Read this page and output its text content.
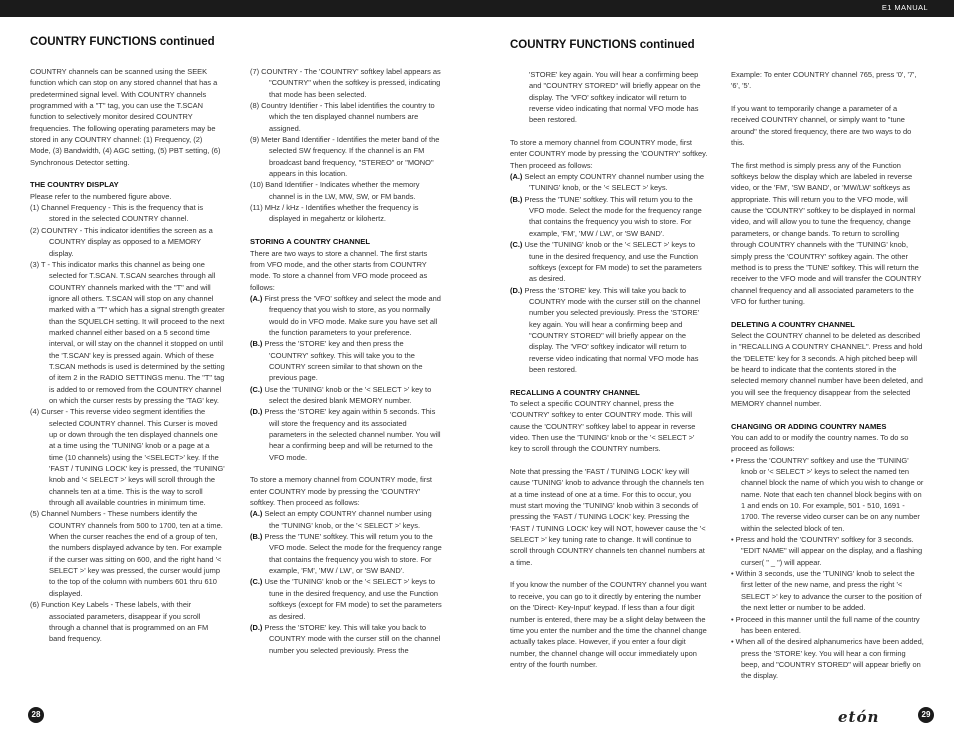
E1 MANUAL
COUNTRY FUNCTIONS continued

COUNTRY channels can be scanned using the SEEK function which can stop on any stored channel that has a predetermined signal level. With COUNTRY channels programmed with a "T" tag, you can use the T.SCAN function to selectively monitor desired COUNTRY frequencies. The following operating parameters may be stored in any COUNTRY channel: (1) Frequency, (2) Mode, (3) Bandwidth, (4) AGC setting, (5) PBT setting, (6) Synchronous Detector setting.

THE COUNTRY DISPLAY

Please refer to the numbered figure above.

(1) Channel Frequency - This is the frequency that is stored in the selected COUNTRY channel.

(2) COUNTRY - This indicator identifies the screen as a COUNTRY display as opposed to a MEMORY display.

(3) T - This indicator marks this channel as being one selected for T.SCAN. T.SCAN searches through all COUNTRY channels marked with the "T" and will ignore all others. T.SCAN will stop on any channel marked with a "T" which has a signal strength greater than the SQUELCH setting. It will proceed to the next marked channel either based on a 5 second time interval, or will stay on the channel it stopped on until the 'T.SCAN' key is pressed again. Which of these T.SCAN methods is used is determined by the setting of item 2 in the RADIO SETTINGS menu. The "T" tag is added to or removed from the COUNTRY channel on which the curser rests by pressing the 'TAG' key.

(4) Curser - This reverse video segment identifies the selected COUNTRY channel. This Curser is moved up or down through the ten displayed channels one at a time using the 'TUNING' knob or a page at a time (10 channels) using the '<SELECT>' key. If the 'FAST / TUNING LOCK' key is pressed, the 'TUNING' knob and '< SELECT >' keys will scroll through the channels ten at a time. This is the way to scroll through all available countries in minimum time.

(5) Channel Numbers - These numbers identify the COUNTRY channels from 500 to 1700, ten at a time. When the curser reaches the end of a group of ten, the numbers displayed advance by ten. For example if the curser was sitting on 600, and the right hand '< SELECT >' key was pressed, the curser would jump to the top of the column with numbers 601 thru 610 displayed.

(6) Function Key Labels - These labels, with their associated parameters, disappear if you scroll through a channel that is programmed on an FM band frequency.

(7) COUNTRY - The 'COUNTRY' softkey label appears as "COUNTRY" when the softkey is pressed, indicating that mode has been selected.

(8) Country Identifier - This label identifies the country to which the ten displayed channel numbers are assigned.

(9) Meter Band Identifier - Identifies the meter band of the selected SW frequency. If the channel is an FM broadcast band frequency, "STEREO" or "MONO" appears in this location.

(10) Band Identifier - Indicates whether the memory channel is in the LW, MW, SW, or FM bands.

(11) MHz / kHz - Identifies whether the frequency is displayed in megahertz or kilohertz.

STORING A COUNTRY CHANNEL

There are two ways to store a channel. The first starts from VFO mode, and the other starts from COUNTRY mode. To store a channel from VFO mode proceed as follows:

(A.) First press the 'VFO' softkey and select the mode and frequency that you wish to store, as you normally would do in VFO mode. Make sure you have set all the function parameters to your preference.

(B.) Press the 'STORE' key and then press the 'COUNTRY' softkey. This will take you to the COUNTRY screen similar to that shown on the previous page.

(C.) Use the 'TUNING' knob or the '< SELECT >' key to select the desired blank MEMORY number.

(D.) Press the 'STORE' key again within 5 seconds. This will store the frequency and its associated parameters in the selected channel number. You will hear a confirming beep and will be returned to the VFO mode.

To store a memory channel from COUNTRY mode, first enter COUNTRY mode by pressing the 'COUNTRY' softkey. Then proceed as follows:

(A.) Select an empty COUNTRY channel number using the 'TUNING' knob, or the '< SELECT >' keys.

(B.) Press the 'TUNE' softkey. This will return you to the VFO mode. Select the mode for the frequency range that contains the frequency you wish to store. For example, 'FM', 'MW / LW', or 'SW BAND'.

(C.) Use the 'TUNING' knob or the '< SELECT >' keys to tune in the desired frequency, and use the Function softkeys (except for FM mode) to set the parameters as desired.

(D.) Press the 'STORE' key. This will take you back to COUNTRY mode with the curser still on the channel number you selected previously. Press the

28
COUNTRY FUNCTIONS continued

'STORE' key again. You will hear a confirming beep and "COUNTRY STORED" will briefly appear on the display. The 'VFO' softkey indicator will return to reverse video indicating that normal VFO mode has been restored.

To store a memory channel from COUNTRY mode, first enter COUNTRY mode by pressing the 'COUNTRY' softkey. Then proceed as follows:

(A.) Select an empty COUNTRY channel number using the 'TUNING' knob, or the '< SELECT >' keys.

(B.) Press the 'TUNE' softkey. This will return you to the VFO mode. Select the mode for the frequency range that contains the frequency you wish to store. For example, 'FM', 'MW / LW', or 'SW BAND'.

(C.) Use the 'TUNING' knob or the '< SELECT >' keys to tune in the desired frequency, and use the Function softkeys (except for FM mode) to set the parameters as desired.

(D.) Press the 'STORE' key. This will take you back to COUNTRY mode with the curser still on the channel number you selected previously. Press the 'STORE' key again. You will hear a confirming beep and "COUNTRY STORED" will briefly appear on the display. The 'VFO' softkey indicator will return to reverse video indicating that normal VFO mode has been restored.

RECALLING A COUNTRY CHANNEL

To select a specific COUNTRY channel, press the 'COUNTRY' softkey to enter COUNTRY mode. This will cause the 'COUNTRY' softkey label to appear in reverse video. Then use the 'TUNING' knob or the '< SELECT >' key to scroll through the COUNTRY numbers.

Note that pressing the 'FAST / TUNING LOCK' key will cause 'TUNING' knob to advance through the channels ten at a time instead of one at a time. For this to occur, you must start moving the 'TUNING' knob within 3 seconds of pressing the 'FAST / TUNING LOCK' key. Pressing the 'FAST / TUNING LOCK' key will NOT, however cause the '< SELECT >' key tuning rate to change. It will continue to scroll through COUNTRY channels ten channel numbers at a time.

If you know the number of the COUNTRY channel you want to receive, you can go to it directly by entering the number on the 'Direct- Key-Input' keypad. If less than a four digit number is entered, there may be a slight delay between the time you enter the number and the time the channel change actually takes place. However, if you enter a four digit number, the channel change will occur immediately upon entry of the fourth number.

Example: To enter COUNTRY channel 765, press '0', '7', '6', '5'.

If you want to temporarily change a parameter of a received COUNTRY channel, or simply want to "tune around" the stored frequency, there are two ways to do this.

The first method is simply press any of the Function softkeys below the display which are labeled in reverse video, or the 'FM', 'SW BAND', or 'MW/LW' softkeys as appropriate. This will return you to the VFO mode, will cause the 'COUNTRY' softkey to be displayed in normal video, and will allow you to tune the frequency, change parameters, or change bands. To return to scrolling through COUNTRY channels with the 'TUNING' knob, simply press the 'COUNTRY' softkey again. The other method is to press the 'TUNE' softkey. This will return the receiver to the VFO mode and will transfer the COUNTRY channel frequency and all associated parameters to the VFO for further tuning.

DELETING A COUNTRY CHANNEL

Select the COUNTRY channel to be deleted as described in "RECALLING A COUNTRY CHANNEL". Press and hold the 'DELETE' key for 3 seconds. A high pitched beep will be heard to indicate that the contents stored in the selected memory channel number have been deleted, and you will see the frequency disappear from the selected MEMORY channel number.

CHANGING OR ADDING COUNTRY NAMES

You can add to or modify the country names. To do so proceed as follows:

• Press the 'COUNTRY' softkey and use the 'TUNING' knob or '< SELECT >' keys to select the named ten channel block the name of which you wish to change or name. Note that each ten channel block begins with on 1 and ends on 10. For example, 501 - 510, 1691 - 1700. The reverse video curser can be on any number within the selected block of ten.

• Press and hold the 'COUNTRY' softkey for 3 seconds. "EDIT NAME" will appear on the display, and a flashing curser( " _ ") will appear.

• Within 3 seconds, use the 'TUNING' knob to select the first letter of the new name, and press the right '< SELECT >' key to advance the curser to the position of the next letter or number to be added.

• Proceed in this manner until the full name of the country has been entered.

• When all of the desired alphanumerics have been added, press the 'STORE' key. You will hear a con firming beep, and "COUNTRY STORED" will appear briefly on the display.

etón	29
